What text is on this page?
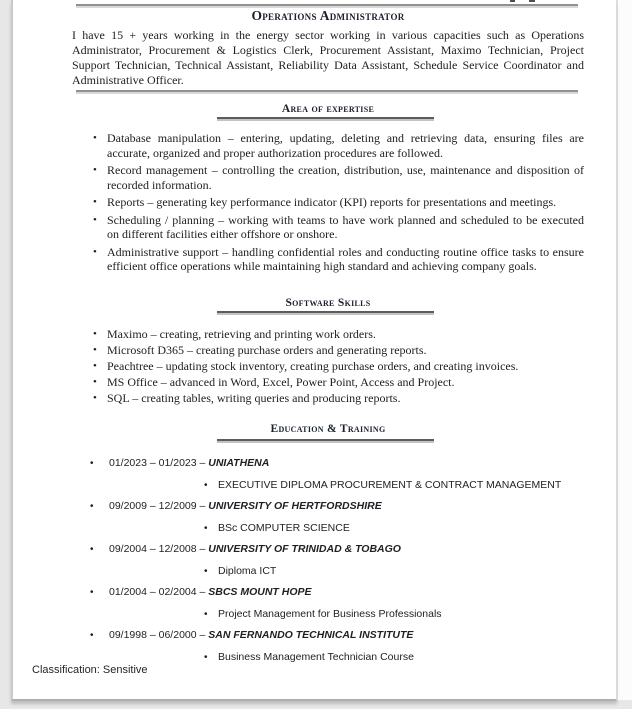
Operations Administrator
I have 15 + years working in the energy sector working in various capacities such as Operations Administrator, Procurement & Logistics Clerk, Procurement Assistant, Maximo Technician, Project Support Technician, Technical Assistant, Reliability Data Assistant, Schedule Service Coordinator and Administrative Officer.
Area of expertise
• Database manipulation – entering, updating, deleting and retrieving data, ensuring files are accurate, organized and proper authorization procedures are followed.
• Record management – controlling the creation, distribution, use, maintenance and disposition of recorded information.
• Reports – generating key performance indicator (KPI) reports for presentations and meetings.
• Scheduling / planning – working with teams to have work planned and scheduled to be executed on different facilities either offshore or onshore.
• Administrative support – handling confidential roles and conducting routine office tasks to ensure efficient office operations while maintaining high standard and achieving company goals.
Software Skills
• Maximo – creating, retrieving and printing work orders.
• Microsoft D365 – creating purchase orders and generating reports.
• Peachtree – updating stock inventory, creating purchase orders, and creating invoices.
• MS Office – advanced in Word, Excel, Power Point, Access and Project.
• SQL – creating tables, writing queries and producing reports.
Education & Training
• 01/2023 – 01/2023 – UNIATHENA
• EXECUTIVE DIPLOMA PROCUREMENT & CONTRACT MANAGEMENT
• 09/2009 – 12/2009 – UNIVERSITY OF HERTFORDSHIRE
• BSc COMPUTER SCIENCE
• 09/2004 – 12/2008 – UNIVERSITY OF TRINIDAD & TOBAGO
• Diploma ICT
• 01/2004 – 02/2004 – SBCS MOUNT HOPE
• Project Management for Business Professionals
• 09/1998 – 06/2000 – SAN FERNANDO TECHNICAL INSTITUTE
• Business Management Technician Course
Classification: Sensitive
